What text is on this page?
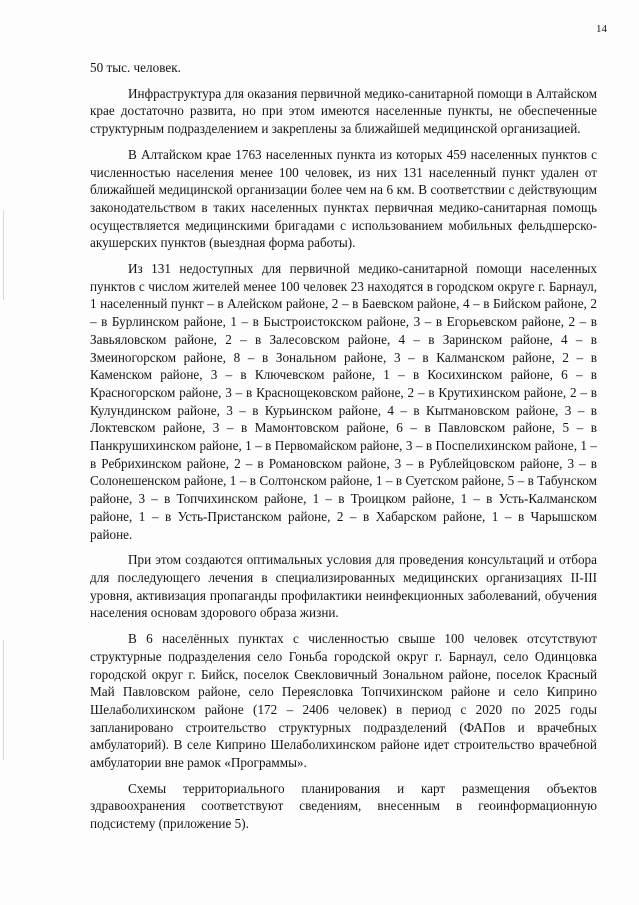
14

50 тыс. человек.

Инфраструктура для оказания первичной медико-санитарной помощи в Алтайском крае достаточно развита, но при этом имеются населенные пункты, не обеспеченные структурным подразделением и закреплены за ближайшей медицинской организацией.

В Алтайском крае 1763 населенных пункта из которых 459 населенных пунктов с численностью населения менее 100 человек, из них 131 населенный пункт удален от ближайшей медицинской организации более чем на 6 км. В соответствии с действующим законодательством в таких населенных пунктах первичная медико-санитарная помощь осуществляется медицинскими бригадами с использованием мобильных фельдшерско-акушерских пунктов (выездная форма работы).

Из 131 недоступных для первичной медико-санитарной помощи населенных пунктов с числом жителей менее 100 человек 23 находятся в городском округе г. Барнаул, 1 населенный пункт – в Алейском районе, 2 – в Баевском районе, 4 – в Бийском районе, 2 – в Бурлинском районе, 1 – в Быстроистокском районе, 3 – в Егорьевском районе, 2 – в Завьяловском районе, 2 – в Залесовском районе, 4 – в Заринском районе, 4 – в Змеиногорском районе, 8 – в Зональном районе, 3 – в Калманском районе, 2 – в Каменском районе, 3 – в Ключевском районе, 1 – в Косихинском районе, 6 – в Красногорском районе, 3 – в Краснощековском районе, 2 – в Крутихинском районе, 2 – в Кулундинском районе, 3 – в Курьинском районе, 4 – в Кытмановском районе, 3 – в Локтевском районе, 3 – в Мамонтовском районе, 6 – в Павловском районе, 5 – в Панкрушихинском районе, 1 – в Первомайском районе, 3 – в Поспелихинском районе, 1 – в Ребрихинском районе, 2 – в Романовском районе, 3 – в Рублейцовском районе, 3 – в Солонешенском районе, 1 – в Солтонском районе, 1 – в Суетском районе, 5 – в Табунском районе, 3 – в Топчихинском районе, 1 – в Троицком районе, 1 – в Усть-Калманском районе, 1 – в Усть-Пристанском районе, 2 – в Хабарском районе, 1 – в Чарышском районе.

При этом создаются оптимальных условия для проведения консультаций и отбора для последующего лечения в специализированных медицинских организациях II-III уровня, активизация пропаганды профилактики неинфекционных заболеваний, обучения населения основам здорового образа жизни.

В 6 населённых пунктах с численностью свыше 100 человек отсутствуют структурные подразделения село Гоньба городской округ г. Барнаул, село Одинцовка городской округ г. Бийск, поселок Свекловичный Зональном районе, поселок Красный Май Павловском районе, село Переясловка Топчихинском районе и село Киприно Шелаболихинском районе (172 – 2406 человек) в период с 2020 по 2025 годы запланировано строительство структурных подразделений (ФАПов и врачебных амбулаторий). В селе Киприно Шелаболихинском районе идет строительство врачебной амбулатории вне рамок «Программы».

Схемы территориального планирования и карт размещения объектов здравоохранения соответствуют сведениям, внесенным в геоинформационную подсистему (приложение 5).
